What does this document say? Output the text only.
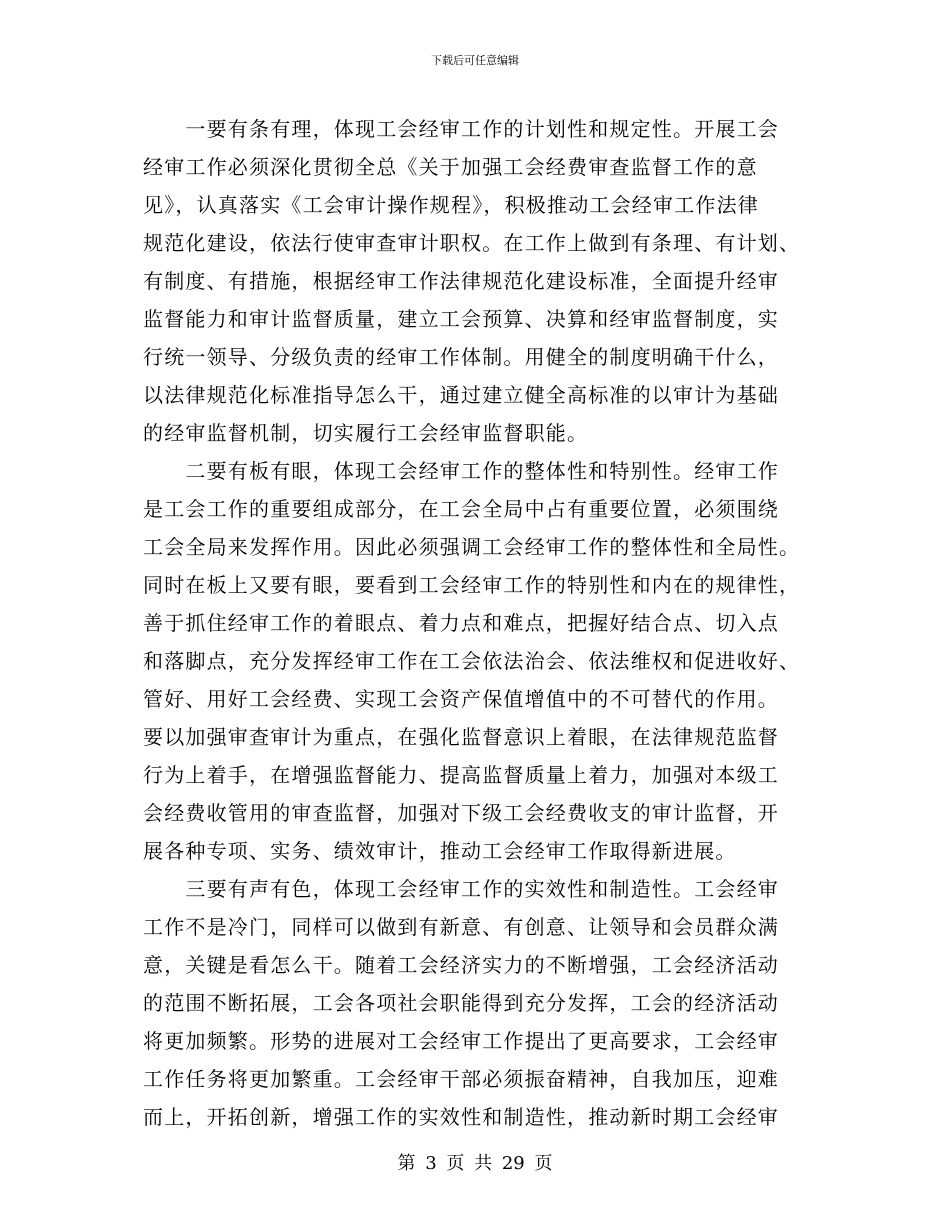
下载后可任意编辑
　　一要有条有理，体现工会经审工作的计划性和规定性。开展工会
经审工作必须深化贯彻全总《关于加强工会经费审查监督工作的意
见》，认真落实《工会审计操作规程》，积极推动工会经审工作法律
规范化建设，依法行使审查审计职权。在工作上做到有条理、有计划、
有制度、有措施，根据经审工作法律规范化建设标准，全面提升经审
监督能力和审计监督质量，建立工会预算、决算和经审监督制度，实
行统一领导、分级负责的经审工作体制。用健全的制度明确干什么，
以法律规范化标准指导怎么干，通过建立健全高标准的以审计为基础
的经审监督机制，切实履行工会经审监督职能。
　　二要有板有眼，体现工会经审工作的整体性和特别性。经审工作
是工会工作的重要组成部分，在工会全局中占有重要位置，必须围绕
工会全局来发挥作用。因此必须强调工会经审工作的整体性和全局性。
同时在板上又要有眼，要看到工会经审工作的特别性和内在的规律性，
善于抓住经审工作的着眼点、着力点和难点，把握好结合点、切入点
和落脚点，充分发挥经审工作在工会依法治会、依法维权和促进收好、
管好、用好工会经费、实现工会资产保值增值中的不可替代的作用。
要以加强审查审计为重点，在强化监督意识上着眼，在法律规范监督
行为上着手，在增强监督能力、提高监督质量上着力，加强对本级工
会经费收管用的审查监督，加强对下级工会经费收支的审计监督，开
展各种专项、实务、绩效审计，推动工会经审工作取得新进展。
　　三要有声有色，体现工会经审工作的实效性和制造性。工会经审
工作不是冷门，同样可以做到有新意、有创意、让领导和会员群众满
意，关键是看怎么干。随着工会经济实力的不断增强，工会经济活动
的范围不断拓展，工会各项社会职能得到充分发挥，工会的经济活动
将更加频繁。形势的进展对工会经审工作提出了更高要求，工会经审
工作任务将更加繁重。工会经审干部必须振奋精神，自我加压，迎难
而上，开拓创新，增强工作的实效性和制造性，推动新时期工会经审
第 3 页 共 29 页
